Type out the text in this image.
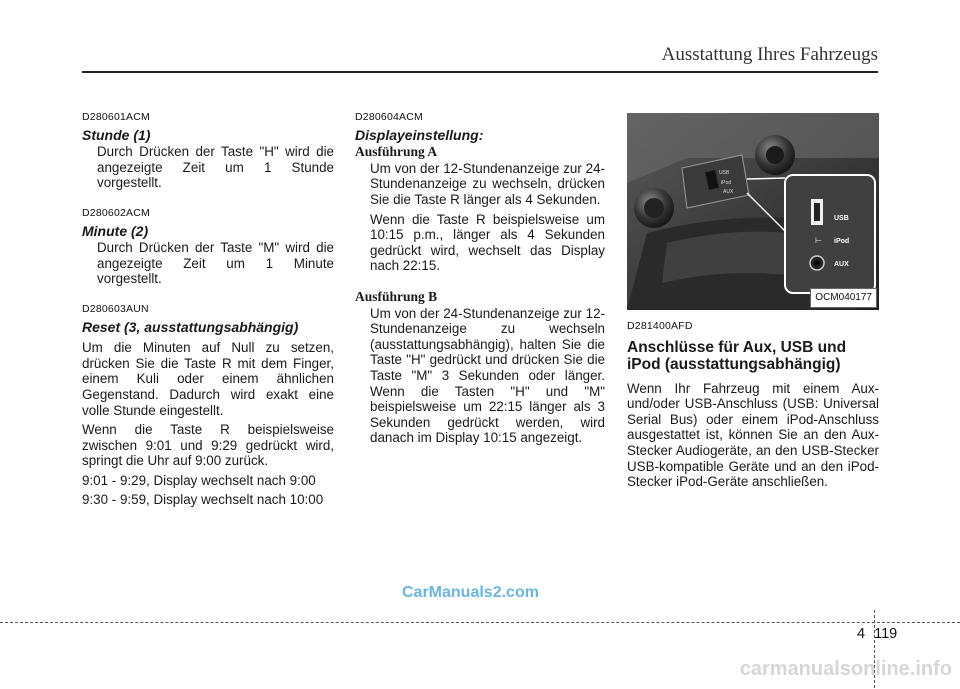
Ausstattung Ihres Fahrzeugs
D280601ACM
Stunde (1)

Durch Drücken der Taste "H" wird die angezeigte Zeit um 1 Stunde vorgestellt.

D280602ACM
Minute (2)

Durch Drücken der Taste "M" wird die angezeigte Zeit um 1 Minute vorgestellt.

D280603AUN
Reset (3, ausstattungsabhängig)

Um die Minuten auf Null zu setzen, drücken Sie die Taste R mit dem Finger, einem Kuli oder einem ähnlichen Gegenstand. Dadurch wird exakt eine volle Stunde eingestellt.

Wenn die Taste R beispielsweise zwischen 9:01 und 9:29 gedrückt wird, springt die Uhr auf 9:00 zurück.

9:01 - 9:29, Display wechselt nach 9:00

9:30 - 9:59, Display wechselt nach 10:00

D280604ACM
Displayeinstellung:
Ausführung A

Um von der 12-Stundenanzeige zur 24-Stundenanzeige zu wechseln, drücken Sie die Taste R länger als 4 Sekunden.

Wenn die Taste R beispielsweise um 10:15 p.m., länger als 4 Sekunden gedrückt wird, wechselt das Display nach 22:15.

Ausführung B

Um von der 24-Stundenanzeige zur 12-Stundenanzeige zu wechseln (ausstattungsabhängig), halten Sie die Taste "H" gedrückt und drücken Sie die Taste "M" 3 Sekunden oder länger. Wenn die Tasten "H" und "M" beispielsweise um 22:15 länger als 3 Sekunden gedrückt werden, wird danach im Display 10:15 angezeigt.

USB
iPod
AUX
USB
⊢ iPod
AUX
OCM040177
D281400AFD
Anschlüsse für Aux, USB und iPod (ausstattungsabhängig)

Wenn Ihr Fahrzeug mit einem Aux- und/oder USB-Anschluss (USB: Universal Serial Bus) oder einem iPod-Anschluss ausgestattet ist, können Sie an den Aux-Stecker Audiogeräte, an den USB-Stecker USB-kompatible Geräte und an den iPod-Stecker iPod-Geräte anschließen.

CarManuals2.com
4 119
carmanualsonline.info
